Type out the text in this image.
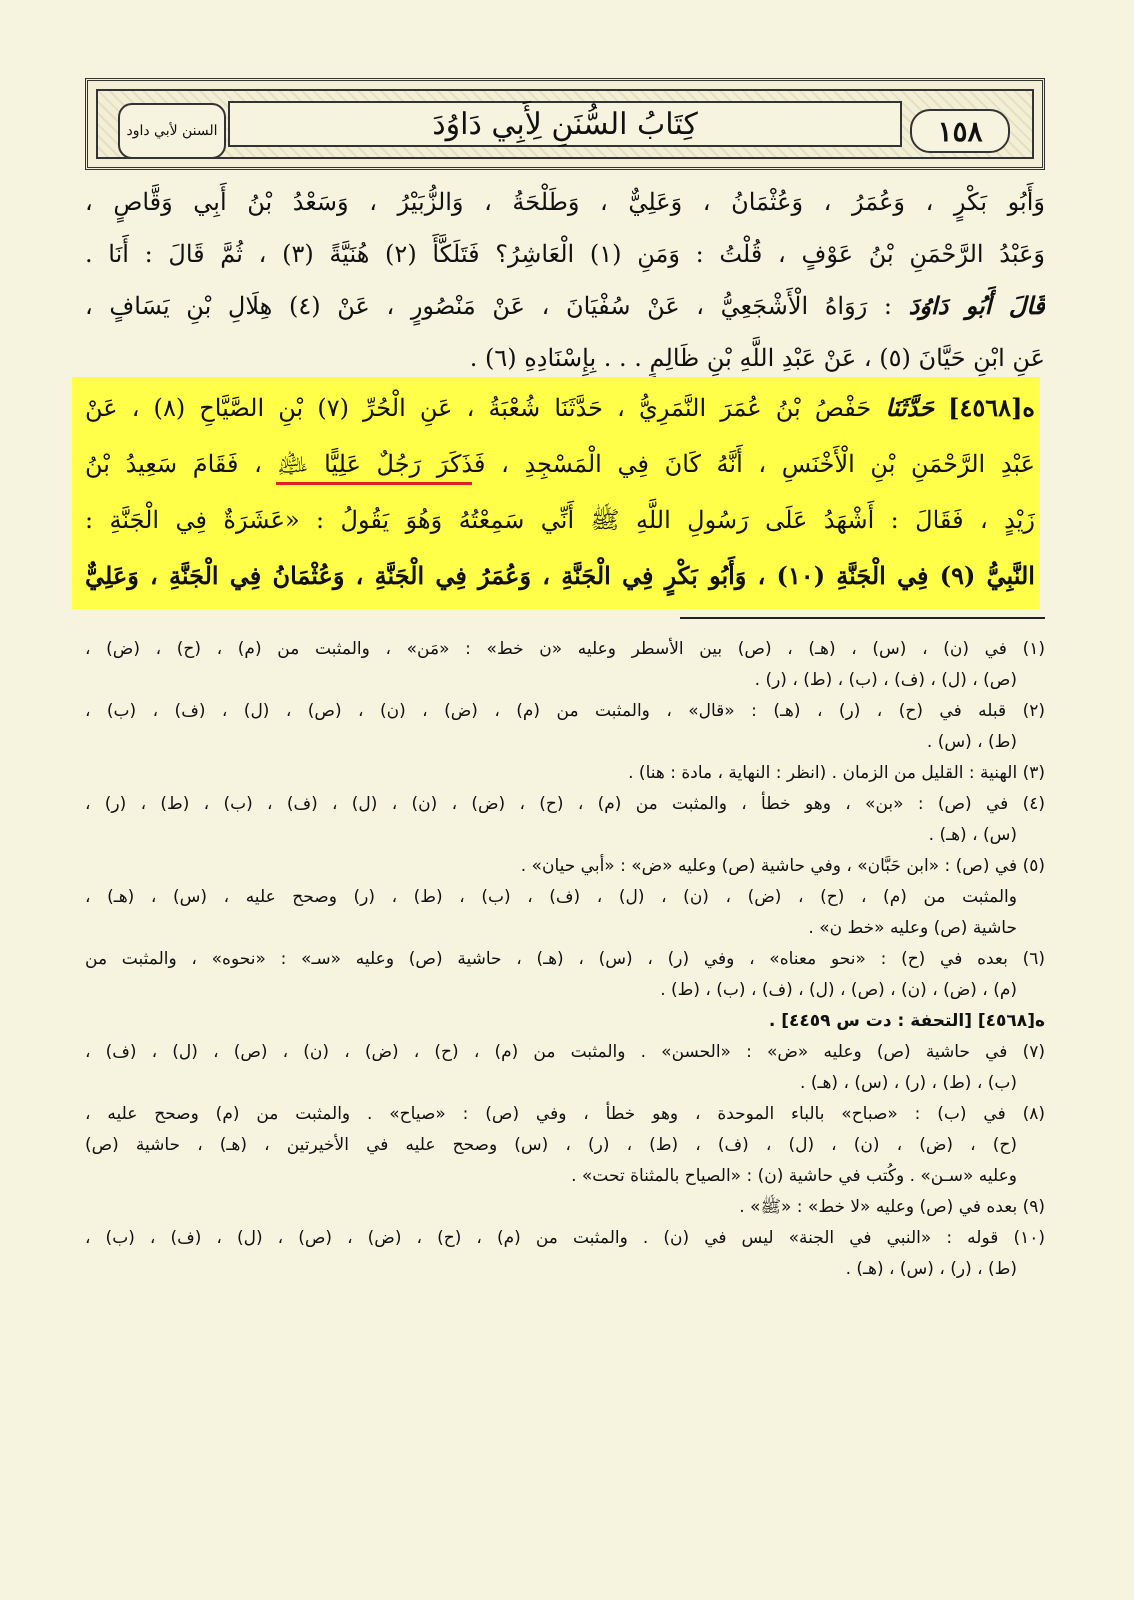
كِتَابُ السُّنَنِ لِأَبِي دَاوُدَ	١٥٨
السنن لأبي داود
وَأَبُو بَكْرٍ ، وَعُمَرُ ، وَعُثْمَانُ ، وَعَلِيٌّ ، وَطَلْحَةُ ، وَالزُّبَيْرُ ، وَسَعْدُ بْنُ أَبِي وَقَّاصٍ ،
وَعَبْدُ الرَّحْمَنِ بْنُ عَوْفٍ ، قُلْتُ : وَمَنِ (١) الْعَاشِرُ؟ فَتَلَكَّأَ (٢) هُنَيَّةً (٣) ، ثُمَّ قَالَ : أَنَا .
قَالَ أَبُو دَاوُدَ : رَوَاهُ الْأَشْجَعِيُّ ، عَنْ سُفْيَانَ ، عَنْ مَنْصُورٍ ، عَنْ (٤) هِلَالِ بْنِ يَسَافٍ ،
عَنِ ابْنِ حَيَّانَ (٥) ، عَنْ عَبْدِ اللَّهِ بْنِ ظَالِمٍ . . . بِإِسْنَادِهِ (٦) .
ە[٤٥٦٨] حَدَّثَنَا حَفْصُ بْنُ عُمَرَ النَّمَرِيُّ ، حَدَّثَنَا شُعْبَةُ ، عَنِ الْحُرِّ (٧) بْنِ الصَّيَّاحِ (٨) ، عَنْ
عَبْدِ الرَّحْمَنِ بْنِ الْأَخْنَسِ ، أَنَّهُ كَانَ فِي الْمَسْجِدِ ، فَذَكَرَ رَجُلٌ عَلِيًّا ﵇ ، فَقَامَ سَعِيدُ بْنُ
زَيْدٍ ، فَقَالَ : أَشْهَدُ عَلَى رَسُولِ اللَّهِ ﷺ أَنِّي سَمِعْتُهُ وَهُوَ يَقُولُ : «عَشَرَةٌ فِي الْجَنَّةِ :
النَّبِيُّ (٩) فِي الْجَنَّةِ (١٠) ، وَأَبُو بَكْرٍ فِي الْجَنَّةِ ، وَعُمَرُ فِي الْجَنَّةِ ، وَعُثْمَانُ فِي الْجَنَّةِ ، وَعَلِيٌّ
(١) في (ن) ، (س) ، (هـ) ، (ص) بين الأسطر وعليه «ن خط» : «مَن» ، والمثبت من (م) ، (ح) ، (ض) ،
(ص) ، (ل) ، (ف) ، (ب) ، (ط) ، (ر) .
(٢) قبله في (ح) ، (ر) ، (هـ) : «قال» ، والمثبت من (م) ، (ض) ، (ن) ، (ص) ، (ل) ، (ف) ، (ب) ،
(ط) ، (س) .
(٣) الهنية : القليل من الزمان . (انظر : النهاية ، مادة : هنا) .
(٤) في (ص) : «بن» ، وهو خطأ ، والمثبت من (م) ، (ح) ، (ض) ، (ن) ، (ل) ، (ف) ، (ب) ، (ط) ، (ر) ،
(س) ، (هـ) .
(٥) في (ص) : «ابن حَبَّان» ، وفي حاشية (ص) وعليه «ض» : «أبي حيان» .
والمثبت من (م) ، (ح) ، (ض) ، (ن) ، (ل) ، (ف) ، (ب) ، (ط) ، (ر) وصحح عليه ، (س) ، (هـ) ،
حاشية (ص) وعليه «خط ن» .
(٦) بعده في (ح) : «نحو معناه» ، وفي (ر) ، (س) ، (هـ) ، حاشية (ص) وعليه «سـ» : «نحوه» ، والمثبت من
(م) ، (ض) ، (ن) ، (ص) ، (ل) ، (ف) ، (ب) ، (ط) .
ە[٤٥٦٨] [التحفة : دت س ٤٤٥٩] .
(٧) في حاشية (ص) وعليه «ض» : «الحسن» . والمثبت من (م) ، (ح) ، (ض) ، (ن) ، (ص) ، (ل) ، (ف) ،
(ب) ، (ط) ، (ر) ، (س) ، (هـ) .
(٨) في (ب) : «صباح» بالباء الموحدة ، وهو خطأ ، وفي (ص) : «صياح» . والمثبت من (م) وصحح عليه ،
(ح) ، (ض) ، (ن) ، (ل) ، (ف) ، (ط) ، (ر) ، (س) وصحح عليه في الأخيرتين ، (هـ) ، حاشية (ص)
وعليه «سـن» . وكُتب في حاشية (ن) : «الصياح بالمثناة تحت» .
(٩) بعده في (ص) وعليه «لا خط» : «ﷺ» .
(١٠) قوله : «النبي في الجنة» ليس في (ن) . والمثبت من (م) ، (ح) ، (ض) ، (ص) ، (ل) ، (ف) ، (ب) ،
(ط) ، (ر) ، (س) ، (هـ) .
